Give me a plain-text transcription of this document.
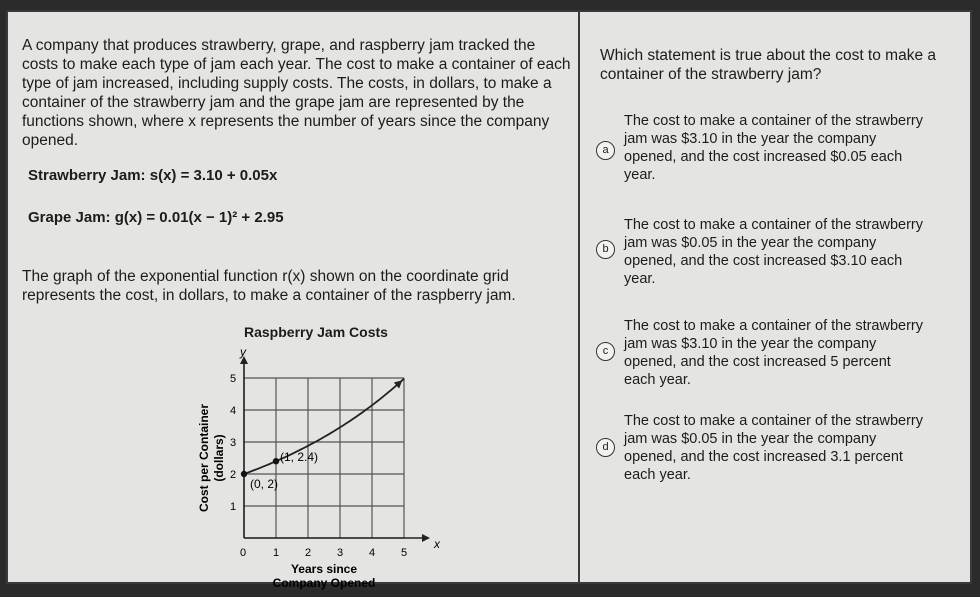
A company that produces strawberry, grape, and raspberry jam tracked the costs to make each type of jam each year. The cost to make a container of each type of jam increased, including supply costs. The costs, in dollars, to make a container of the strawberry jam and the grape jam are represented by the functions shown, where x represents the number of years since the company opened.
Strawberry Jam: s(x) = 3.10 + 0.05x
Grape Jam: g(x) = 0.01(x − 1)² + 2.95
The graph of the exponential function r(x) shown on the coordinate grid represents the cost, in dollars, to make a container of the raspberry jam.
Raspberry Jam Costs
x
y
0 1 2 3 4 5
1
2
3
4
5
Years since
Company Opened
Cost per Container (dollars)
(0, 2)
(1, 2.4)
Which statement is true about the cost to make a container of the strawberry jam?
a
The cost to make a container of the strawberry jam was $3.10 in the year the company opened, and the cost increased $0.05 each year.
b
The cost to make a container of the strawberry jam was $0.05 in the year the company opened, and the cost increased $3.10 each year.
c
The cost to make a container of the strawberry jam was $3.10 in the year the company opened, and the cost increased 5 percent each year.
d
The cost to make a container of the strawberry jam was $0.05 in the year the company opened, and the cost increased 3.1 percent each year.
